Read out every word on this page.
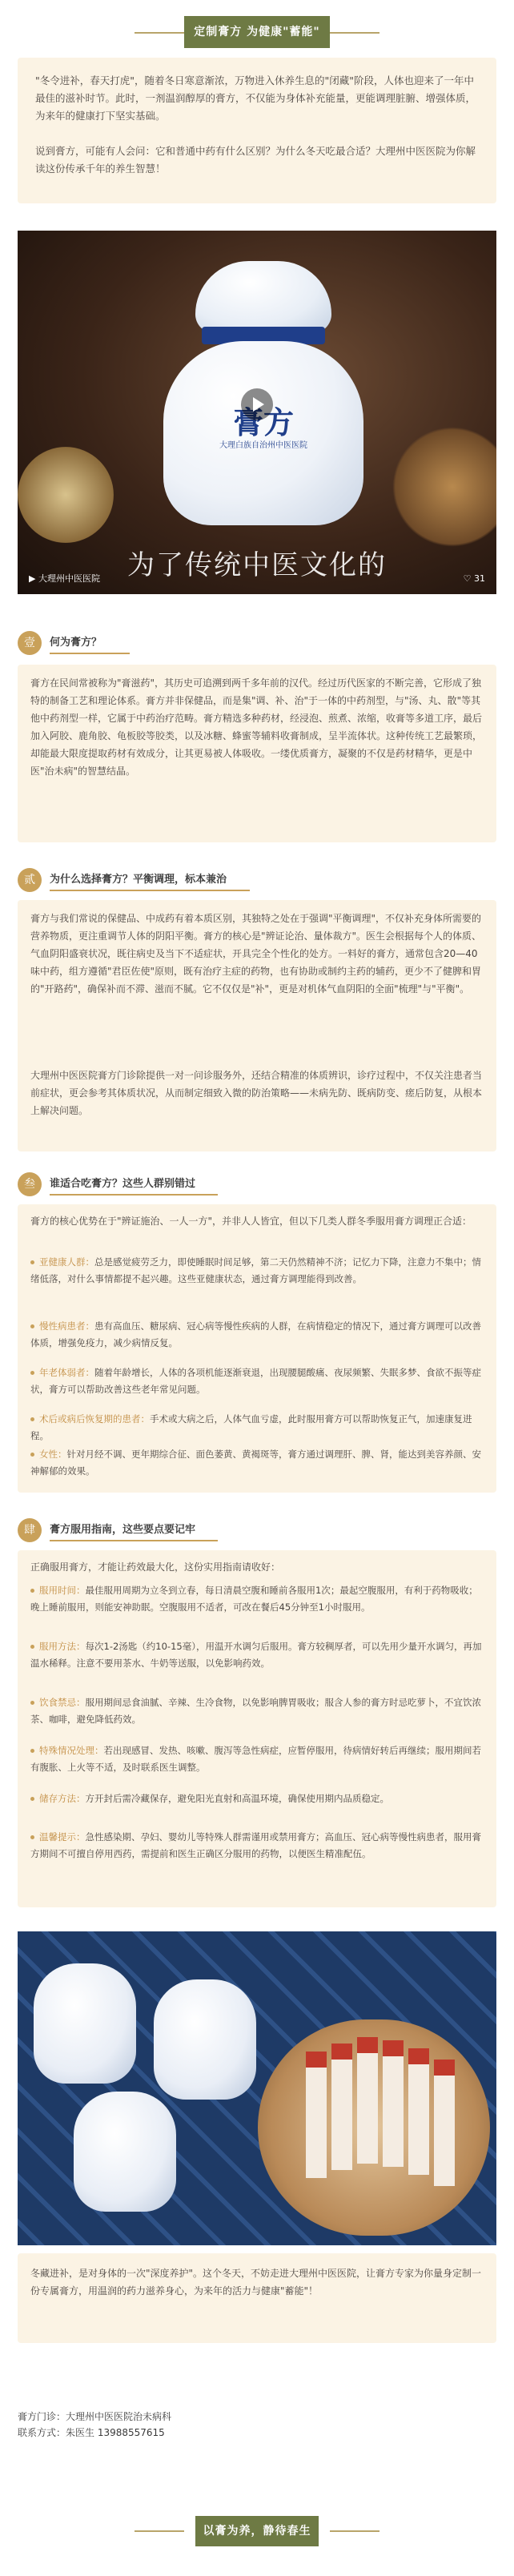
定制膏方 为健康"蓄能"

"冬令进补，春天打虎"，随着冬日寒意渐浓，万物进入休养生息的"闭藏"阶段，人体也迎来了一年中最佳的滋补时节。此时，一剂温润醇厚的膏方，不仅能为身体补充能量，更能调理脏腑、增强体质，为来年的健康打下坚实基础。

说到膏方，可能有人会问：它和普通中药有什么区别？为什么冬天吃最合适？大理州中医医院为你解读这份传承千年的养生智慧！

膏方
大理白族自治州中医医院
为了传统中医文化的
▶ 大理州中医医院	♡ 31
壹	何为膏方？

膏方在民间常被称为"膏滋药"，其历史可追溯到两千多年前的汉代。经过历代医家的不断完善，它形成了独特的制备工艺和理论体系。膏方并非保健品，而是集"调、补、治"于一体的中药剂型，与"汤、丸、散"等其他中药剂型一样，它属于中药治疗范畴。膏方精选多种药材，经浸泡、煎煮、浓缩，收膏等多道工序，最后加入阿胶、鹿角胶、龟板胶等胶类，以及冰糖、蜂蜜等辅料收膏制成，呈半流体状。这种传统工艺最繁琐，却能最大限度提取药材有效成分，让其更易被人体吸收。一缕优质膏方，凝聚的不仅是药材精华，更是中医"治未病"的智慧结晶。

贰	为什么选择膏方？平衡调理，标本兼治

膏方与我们常说的保健品、中成药有着本质区别，其独特之处在于强调"平衡调理"，不仅补充身体所需要的营养物质，更注重调节人体的阴阳平衡。膏方的核心是"辨证论治、量体裁方"。医生会根据每个人的体质、气血阴阳盛衰状况，既往病史及当下不适症状，开具完全个性化的处方。一料好的膏方，通常包含20—40味中药，组方遵循"君臣佐使"原则，既有治疗主症的药物，也有协助或制约主药的辅药，更少不了健脾和胃的"开路药"，确保补而不滞、滋而不腻。它不仅仅是"补"，更是对机体气血阴阳的全面"梳理"与"平衡"。

大理州中医医院膏方门诊除提供一对一问诊服务外，还结合精准的体质辨识，诊疗过程中，不仅关注患者当前症状，更会参考其体质状况，从而制定细致入微的防治策略——未病先防、既病防变、瘥后防复，从根本上解决问题。

叁	谁适合吃膏方？这些人群别错过

膏方的核心优势在于"辨证施治、一人一方"，并非人人皆宜，但以下几类人群冬季服用膏方调理正合适：

亚健康人群：总是感觉疲劳乏力，即使睡眠时间足够，第二天仍然精神不济；记忆力下降，注意力不集中；情绪低落，对什么事情都提不起兴趣。这些亚健康状态，通过膏方调理能得到改善。
慢性病患者：患有高血压、糖尿病、冠心病等慢性疾病的人群，在病情稳定的情况下，通过膏方调理可以改善体质，增强免疫力，减少病情反复。
年老体弱者：随着年龄增长，人体的各项机能逐渐衰退，出现腰腿酸痛、夜尿频繁、失眠多梦、食欲不振等症状，膏方可以帮助改善这些老年常见问题。
术后或病后恢复期的患者：手术或大病之后，人体气血亏虚，此时服用膏方可以帮助恢复正气，加速康复进程。
女性：针对月经不调、更年期综合征、面色萎黄、黄褐斑等，膏方通过调理肝、脾、肾，能达到美容养颜、安神解郁的效果。
肆	膏方服用指南，这些要点要记牢

正确服用膏方，才能让药效最大化，这份实用指南请收好：

服用时间：最佳服用周期为立冬到立春，每日清晨空腹和睡前各服用1次；最起空腹服用，有利于药物吸收；晚上睡前服用，则能安神助眠。空腹服用不适者，可改在餐后45分钟至1小时服用。
服用方法：每次1-2汤匙（约10-15毫），用温开水调匀后服用。膏方较稠厚者，可以先用少量开水调匀，再加温水稀释。注意不要用茶水、牛奶等送服，以免影响药效。
饮食禁忌：服用期间忌食油腻、辛辣、生冷食物，以免影响脾胃吸收；服含人参的膏方时忌吃萝卜，不宜饮浓茶、咖啡，避免降低药效。
特殊情况处理：若出现感冒、发热、咳嗽、腹泻等急性病症，应暂停服用，待病情好转后再继续；服用期间若有腹胀、上火等不适，及时联系医生调整。
储存方法：方开封后需冷藏保存，避免阳光直射和高温环境，确保使用期内品质稳定。
温馨提示：急性感染期、孕妇、婴幼儿等特殊人群需谨用或禁用膏方；高血压、冠心病等慢性病患者，服用膏方期间不可擅自停用西药，需提前和医生正确区分服用的药物，以便医生精准配伍。

冬藏进补，是对身体的一次"深度养护"。这个冬天，不妨走进大理州中医医院，让膏方专家为你量身定制一份专属膏方，用温润的药力滋养身心，为来年的活力与健康"蓄能"！

膏方门诊：大理州中医医院治未病科
联系方式：朱医生 13988557615
以膏为养，静待春生
